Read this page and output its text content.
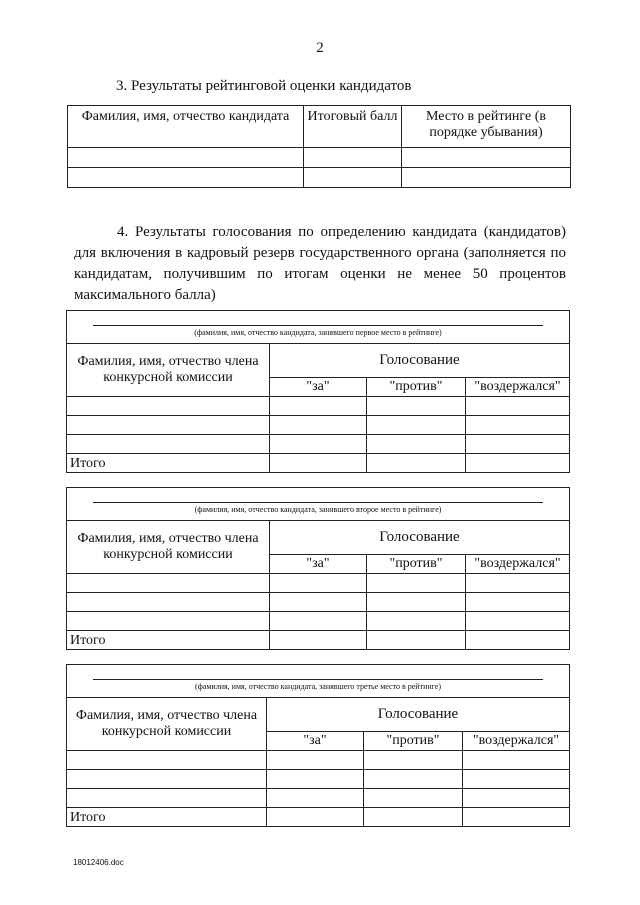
2
3. Результаты рейтинговой оценки кандидатов
Фамилия, имя, отчество кандидата	Итоговый балл	Место в рейтинге (в порядке убывания)

4. Результаты голосования по определению кандидата (кандидатов) для включения в кадровый резерв государственного органа (заполняется по кандидатам, получившим по итогам оценки не менее 50 процентов максимального балла)
(фамилия, имя, отчество кандидата, занявшего первое место в рейтинге)			

Фамилия, имя, отчество члена конкурсной комиссии	Голосование		
	"за"	"против"	"воздержался"

Итого			
(фамилия, имя, отчество кандидата, занявшего второе место в рейтинге)			

Фамилия, имя, отчество члена конкурсной комиссии	Голосование		
	"за"	"против"	"воздержался"

Итого			
(фамилия, имя, отчество кандидата, занявшего третье место в рейтинге)			

Фамилия, имя, отчество члена конкурсной комиссии	Голосование		
	"за"	"против"	"воздержался"

Итого			
18012406.doc
